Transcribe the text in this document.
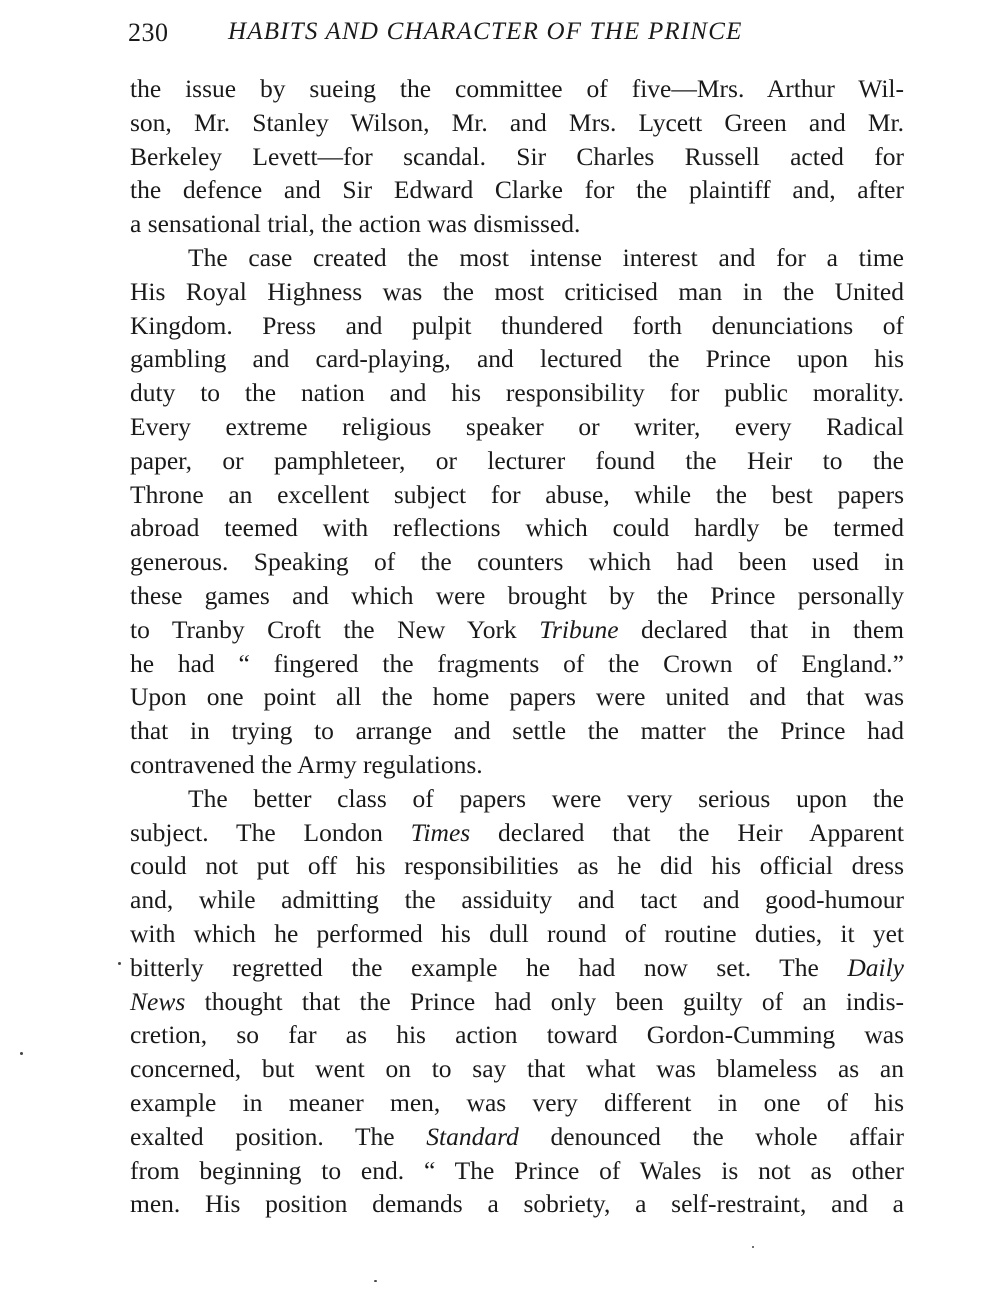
230 HABITS AND CHARACTER OF THE PRINCE
the issue by sueing the committee of five—Mrs. Arthur Wil-
son, Mr. Stanley Wilson, Mr. and Mrs. Lycett Green and Mr.
Berkeley Levett—for scandal. Sir Charles Russell acted for
the defence and Sir Edward Clarke for the plaintiff and, after
a sensational trial, the action was dismissed.
The case created the most intense interest and for a time
His Royal Highness was the most criticised man in the United
Kingdom. Press and pulpit thundered forth denunciations of
gambling and card-playing, and lectured the Prince upon his
duty to the nation and his responsibility for public morality.
Every extreme religious speaker or writer, every Radical
paper, or pamphleteer, or lecturer found the Heir to the
Throne an excellent subject for abuse, while the best papers
abroad teemed with reflections which could hardly be termed
generous. Speaking of the counters which had been used in
these games and which were brought by the Prince personally
to Tranby Croft the New York Tribune declared that in them
he had “ fingered the fragments of the Crown of England.”
Upon one point all the home papers were united and that was
that in trying to arrange and settle the matter the Prince had
contravened the Army regulations.
The better class of papers were very serious upon the
subject. The London Times declared that the Heir Apparent
could not put off his responsibilities as he did his official dress
and, while admitting the assiduity and tact and good-humour
with which he performed his dull round of routine duties, it yet
bitterly regretted the example he had now set. The Daily
News thought that the Prince had only been guilty of an indis-
cretion, so far as his action toward Gordon-Cumming was
concerned, but went on to say that what was blameless as an
example in meaner men, was very different in one of his
exalted position. The Standard denounced the whole affair
from beginning to end. “ The Prince of Wales is not as other
men. His position demands a sobriety, a self-restraint, and a
